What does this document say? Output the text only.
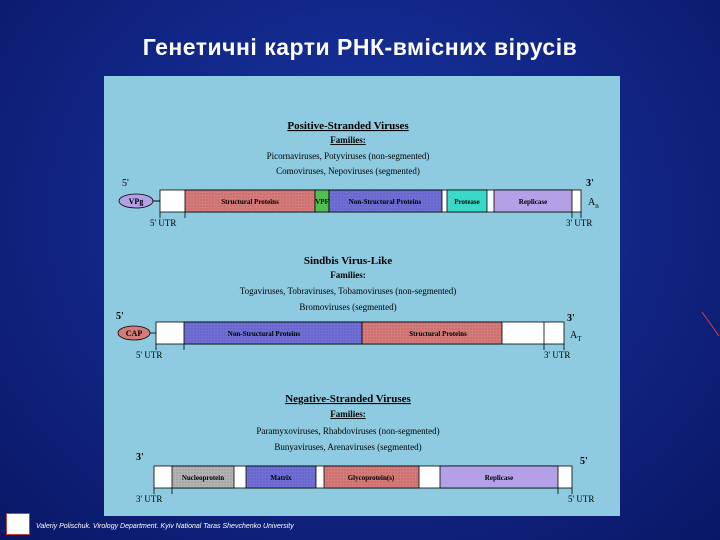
Генетичні карти РНК-вмісних вірусів
Positive-Stranded Viruses
Families:
Picornaviruses, Potyviruses (non-segmented)
Comoviruses, Nepoviruses (segmented)
5'	3'
VPg	Structural Proteins	VPF	Non-Structural Proteins	Protease	Replicase	$A_n$
5' UTR	3' UTR
Sindbis Virus-Like
Families:
Togaviruses, Tobraviruses, Tobamoviruses (non-segmented)
Bromoviruses (segmented)
5'	3'
CAP	Non-Structural Proteins	Structural Proteins	$A_T$
5' UTR	3' UTR
Negative-Stranded Viruses
Families:
Paramyxoviruses, Rhabdoviruses (non-segmented)
Bunyaviruses, Arenaviruses (segmented)
3'	5'
Nucleoprotein	Matrix	Glycoprotein(s)	Replicase
3' UTR	5' UTR
Valeriy Polischuk. Virology Department. Kyiv National Taras Shevchenko University
